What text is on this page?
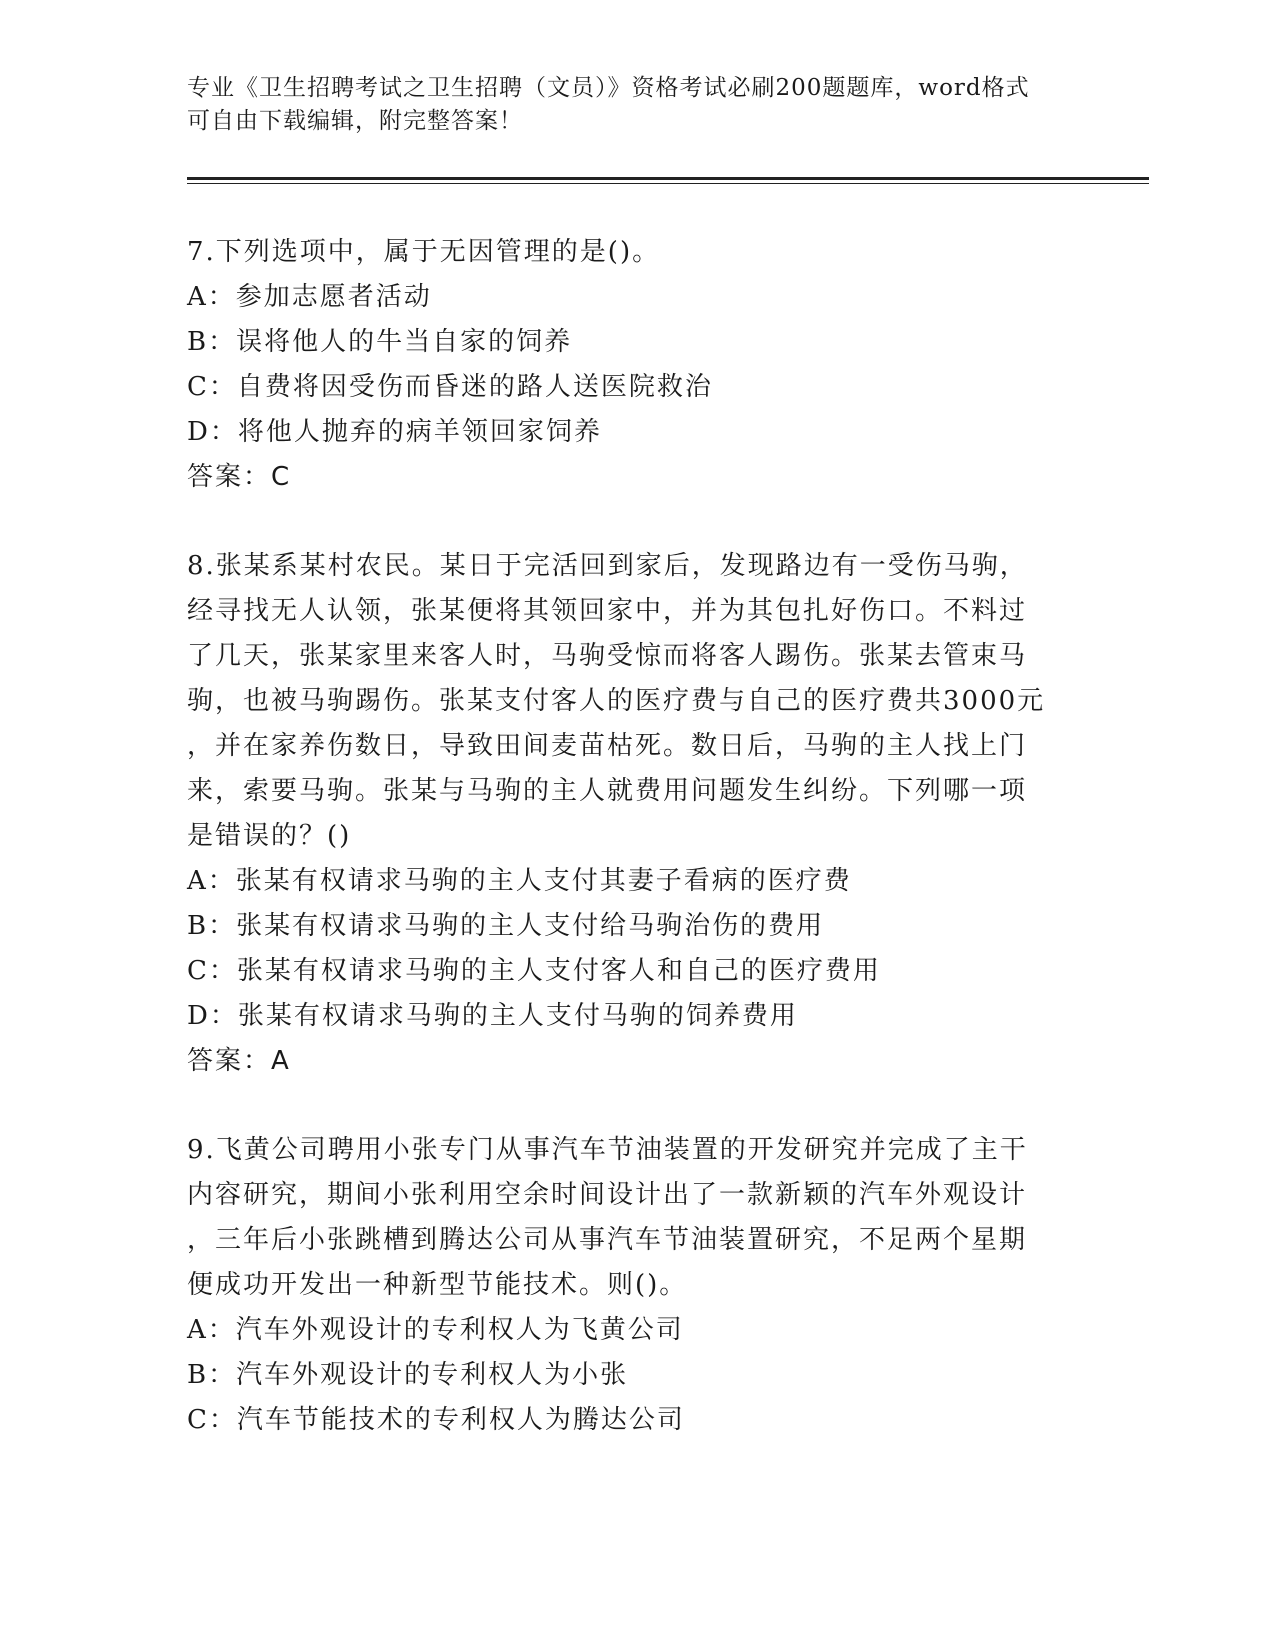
专业《卫生招聘考试之卫生招聘（文员）》资格考试必刷200题题库，word格式
可自由下载编辑，附完整答案！
7.下列选项中，属于无因管理的是()。
A：参加志愿者活动
B：误将他人的牛当自家的饲养
C：自费将因受伤而昏迷的路人送医院救治
D：将他人抛弃的病羊领回家饲养
答案：C
8.张某系某村农民。某日于完活回到家后，发现路边有一受伤马驹，
经寻找无人认领，张某便将其领回家中，并为其包扎好伤口。不料过
了几天，张某家里来客人时，马驹受惊而将客人踢伤。张某去管束马
驹，也被马驹踢伤。张某支付客人的医疗费与自己的医疗费共3000元
，并在家养伤数日，导致田间麦苗枯死。数日后，马驹的主人找上门
来，索要马驹。张某与马驹的主人就费用问题发生纠纷。下列哪一项
是错误的？()
A：张某有权请求马驹的主人支付其妻子看病的医疗费
B：张某有权请求马驹的主人支付给马驹治伤的费用
C：张某有权请求马驹的主人支付客人和自己的医疗费用
D：张某有权请求马驹的主人支付马驹的饲养费用
答案：A
9.飞黄公司聘用小张专门从事汽车节油装置的开发研究并完成了主干
内容研究，期间小张利用空余时间设计出了一款新颖的汽车外观设计
，三年后小张跳槽到腾达公司从事汽车节油装置研究，不足两个星期
便成功开发出一种新型节能技术。则()。
A：汽车外观设计的专利权人为飞黄公司
B：汽车外观设计的专利权人为小张
C：汽车节能技术的专利权人为腾达公司
